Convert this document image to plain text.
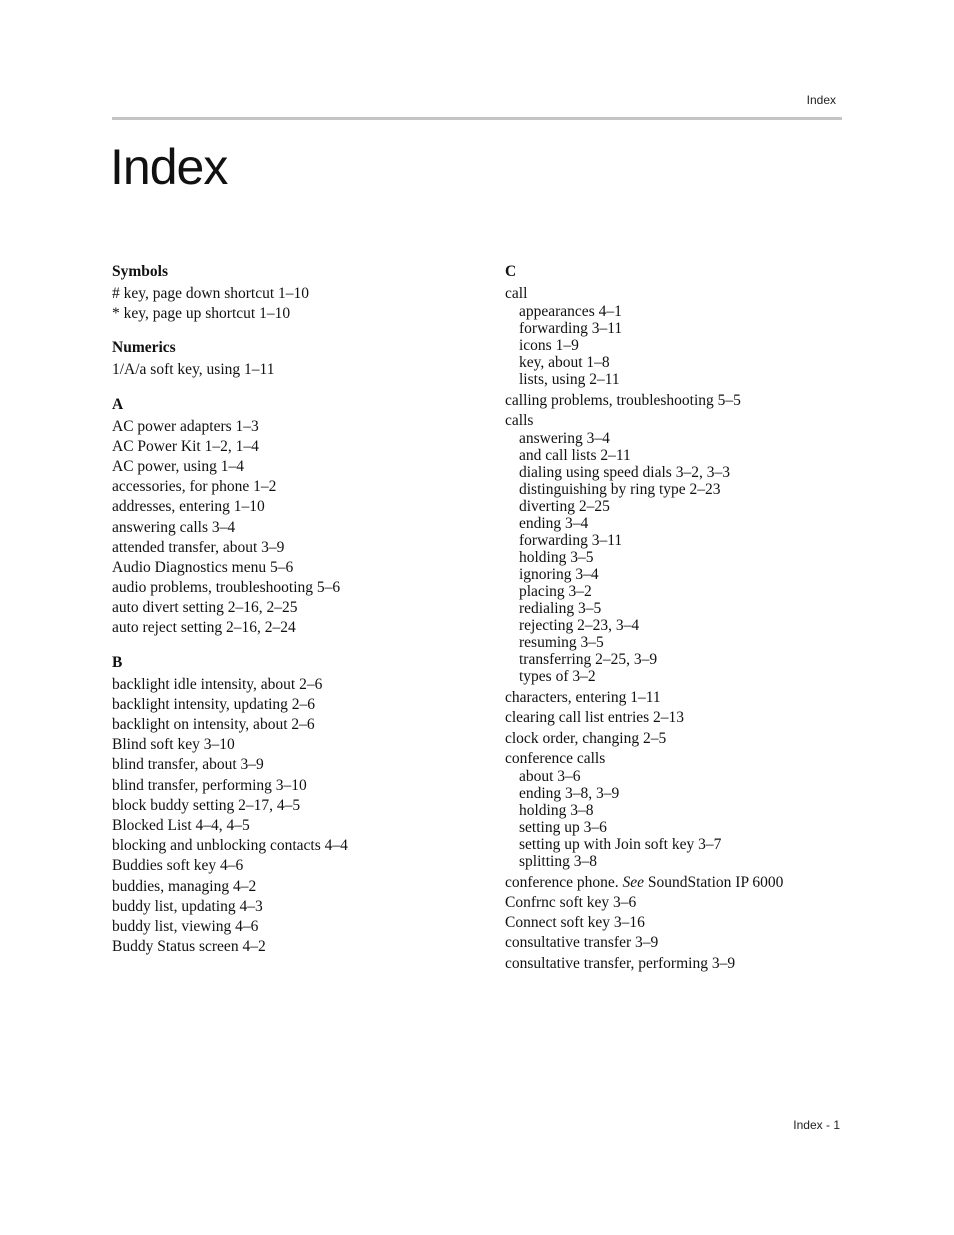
Index
Index
Symbols
# key, page down shortcut 1–10
* key, page up shortcut 1–10
Numerics
1/A/a soft key, using 1–11
A
AC power adapters 1–3
AC Power Kit 1–2, 1–4
AC power, using 1–4
accessories, for phone 1–2
addresses, entering 1–10
answering calls 3–4
attended transfer, about 3–9
Audio Diagnostics menu 5–6
audio problems, troubleshooting 5–6
auto divert setting 2–16, 2–25
auto reject setting 2–16, 2–24
B
backlight idle intensity, about 2–6
backlight intensity, updating 2–6
backlight on intensity, about 2–6
Blind soft key 3–10
blind transfer, about 3–9
blind transfer, performing 3–10
block buddy setting 2–17, 4–5
Blocked List 4–4, 4–5
blocking and unblocking contacts 4–4
Buddies soft key 4–6
buddies, managing 4–2
buddy list, updating 4–3
buddy list, viewing 4–6
Buddy Status screen 4–2
C
call
appearances 4–1
forwarding 3–11
icons 1–9
key, about 1–8
lists, using 2–11
calling problems, troubleshooting 5–5
calls
answering 3–4
and call lists 2–11
dialing using speed dials 3–2, 3–3
distinguishing by ring type 2–23
diverting 2–25
ending 3–4
forwarding 3–11
holding 3–5
ignoring 3–4
placing 3–2
redialing 3–5
rejecting 2–23, 3–4
resuming 3–5
transferring 2–25, 3–9
types of 3–2
characters, entering 1–11
clearing call list entries 2–13
clock order, changing 2–5
conference calls
about 3–6
ending 3–8, 3–9
holding 3–8
setting up 3–6
setting up with Join soft key 3–7
splitting 3–8
conference phone. See SoundStation IP 6000
Confrnc soft key 3–6
Connect soft key 3–16
consultative transfer 3–9
consultative transfer, performing 3–9
Index - 1
